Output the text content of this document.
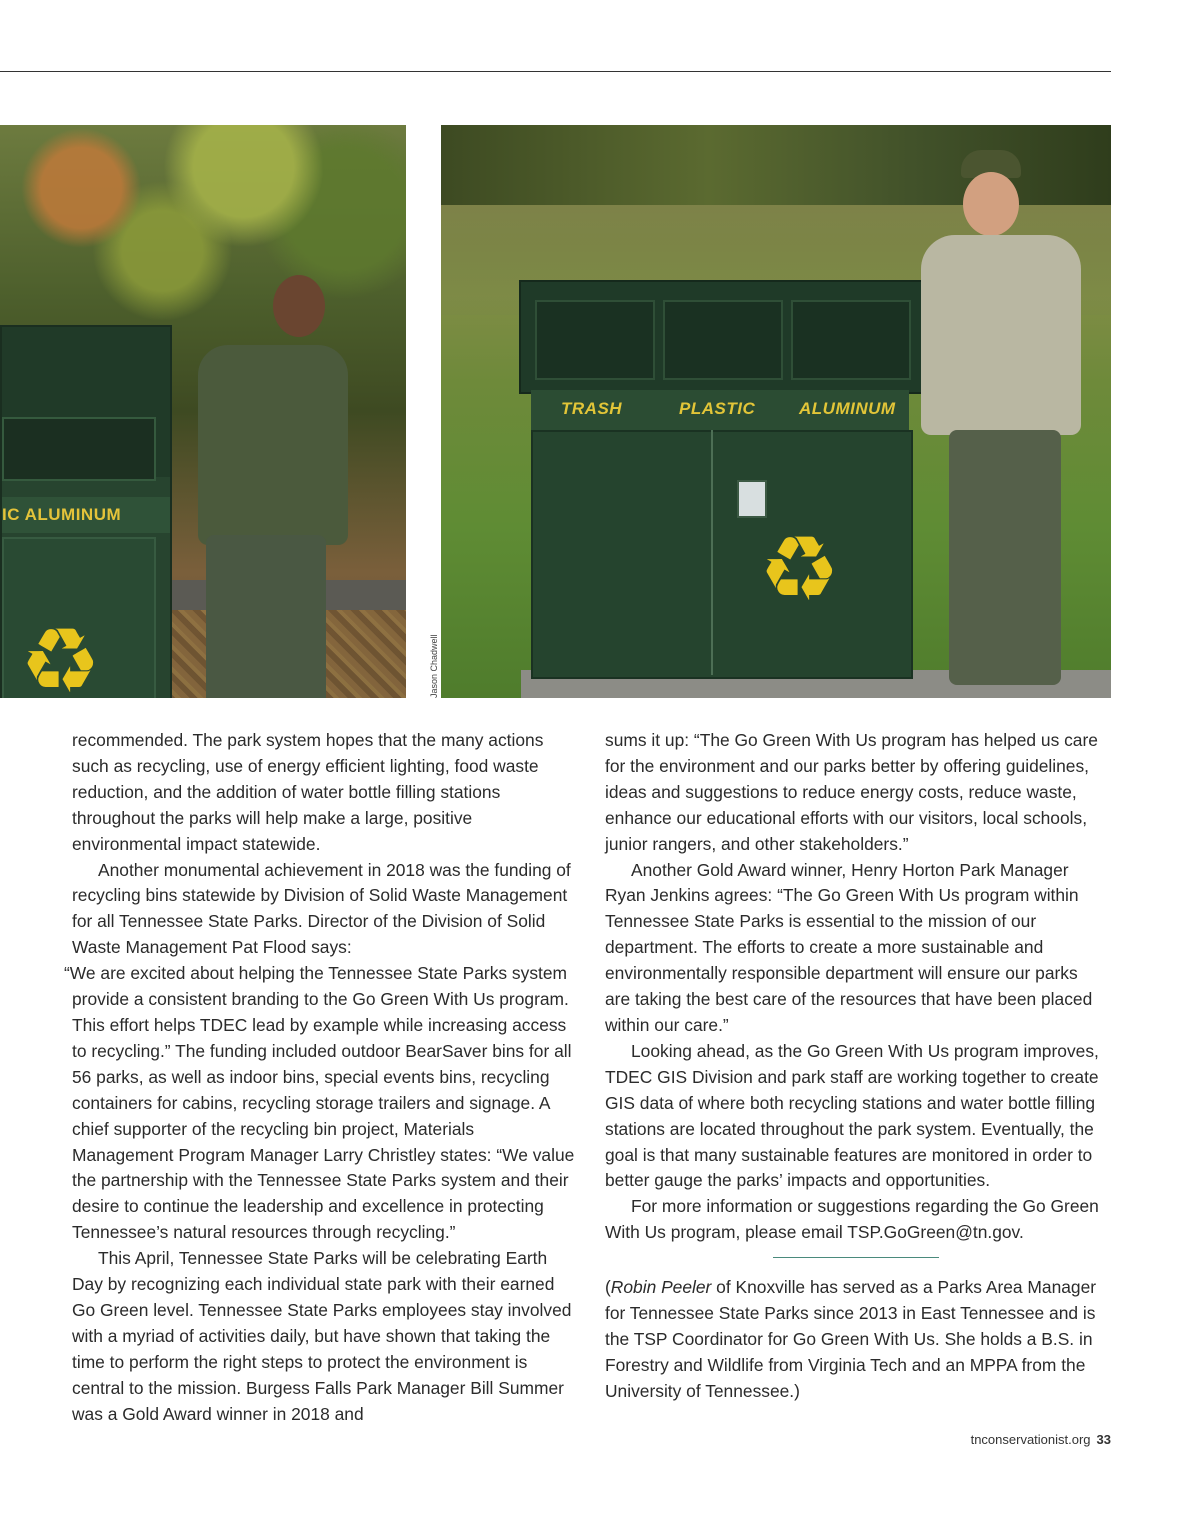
IC ALUMINUM
♻
TRASH	PLASTIC	ALUMINUM
♻
Jason Chadwell

recommended. The park system hopes that the many actions such as recycling, use of energy efficient lighting, food waste reduction, and the addition of water bottle filling stations throughout the parks will help make a large, positive environmental impact statewide.

Another monumental achievement in 2018 was the funding of recycling bins statewide by Division of Solid Waste Management for all Tennessee State Parks. Director of the Division of Solid Waste Management Pat Flood says:

“We are excited about helping the Tennessee State Parks system provide a consistent branding to the Go Green With Us program. This effort helps TDEC lead by example while increasing access to recycling.” The funding included outdoor BearSaver bins for all 56 parks, as well as indoor bins, special events bins, recycling containers for cabins, recycling storage trailers and signage. A chief supporter of the recycling bin project, Materials Management Program Manager Larry Christley states: “We value the partnership with the Tennessee State Parks system and their desire to continue the leadership and excellence in protecting Tennessee’s natural resources through recycling.”

This April, Tennessee State Parks will be celebrating Earth Day by recognizing each individual state park with their earned Go Green level. Tennessee State Parks employees stay involved with a myriad of activities daily, but have shown that taking the time to perform the right steps to protect the environment is central to the mission. Burgess Falls Park Manager Bill Summer was a Gold Award winner in 2018 and

sums it up: “The Go Green With Us program has helped us care for the environment and our parks better by offering guidelines, ideas and suggestions to reduce energy costs, reduce waste, enhance our educational efforts with our visitors, local schools, junior rangers, and other stakeholders.”

Another Gold Award winner, Henry Horton Park Manager Ryan Jenkins agrees: “The Go Green With Us program within Tennessee State Parks is essential to the mission of our department. The efforts to create a more sustainable and environmentally responsible department will ensure our parks are taking the best care of the resources that have been placed within our care.”

Looking ahead, as the Go Green With Us program improves, TDEC GIS Division and park staff are working together to create GIS data of where both recycling stations and water bottle filling stations are located throughout the park system. Eventually, the goal is that many sustainable features are monitored in order to better gauge the parks’ impacts and opportunities.

For more information or suggestions regarding the Go Green With Us program, please email TSP.GoGreen@tn.gov.

(Robin Peeler of Knoxville has served as a Parks Area Manager for Tennessee State Parks since 2013 in East Tennessee and is the TSP Coordinator for Go Green With Us. She holds a B.S. in Forestry and Wildlife from Virginia Tech and an MPPA from the University of Tennessee.)

tnconservationist.org 33
